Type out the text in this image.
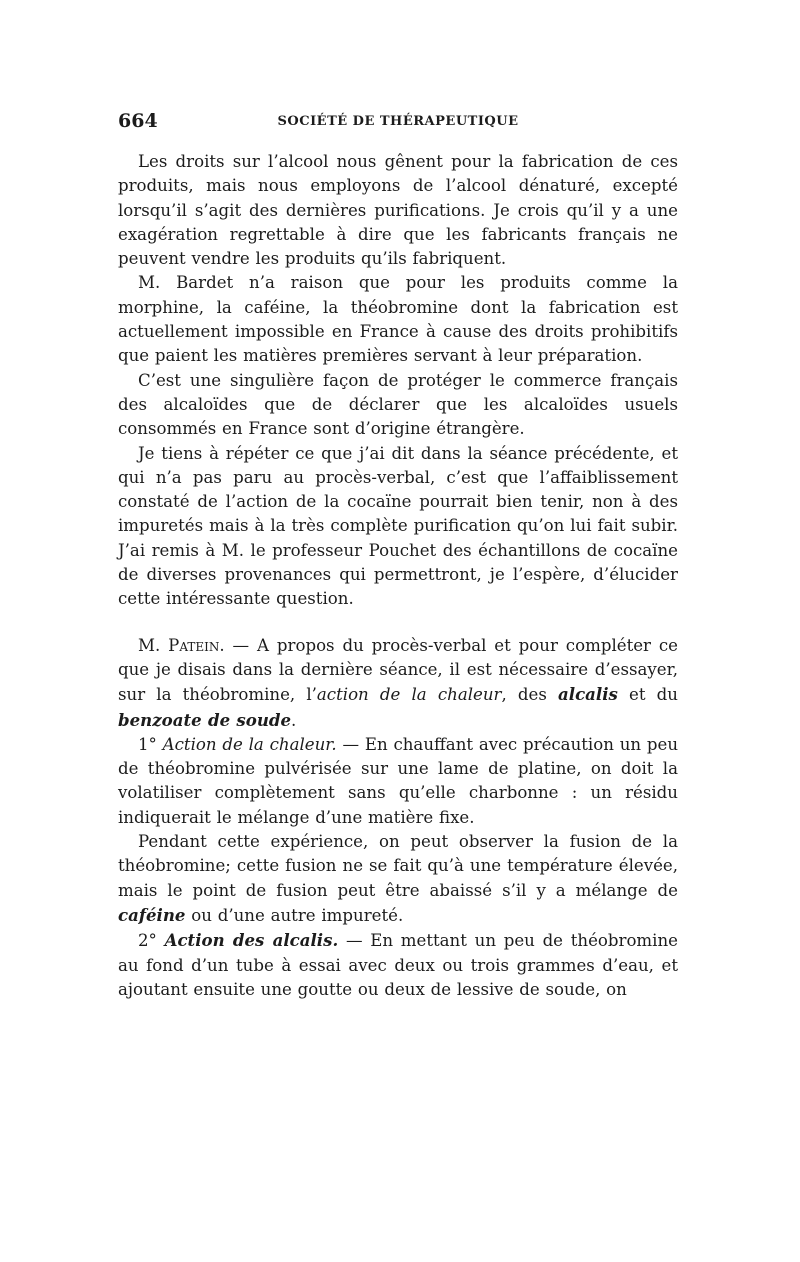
664	SOCIÉTÉ DE THÉRAPEUTIQUE

Les droits sur l’alcool nous gênent pour la fabrication de ces produits, mais nous employons de l’alcool dénaturé, excepté lorsqu’il s’agit des dernières purifications. Je crois qu’il y a une exagération regrettable à dire que les fabricants français ne peuvent vendre les produits qu’ils fabriquent.

M. Bardet n’a raison que pour les produits comme la morphine, la caféine, la théobromine dont la fabrication est actuellement impossible en France à cause des droits prohibitifs que paient les matières premières servant à leur préparation.

C’est une singulière façon de protéger le commerce français des alcaloïdes que de déclarer que les alcaloïdes usuels consommés en France sont d’origine étrangère.

Je tiens à répéter ce que j’ai dit dans la séance précédente, et qui n’a pas paru au procès-verbal, c’est que l’affaiblissement constaté de l’action de la cocaïne pourrait bien tenir, non à des impuretés mais à la très complète purification qu’on lui fait subir. J’ai remis à M. le professeur Pouchet des échantillons de cocaïne de diverses provenances qui permettront, je l’espère, d’élucider cette intéressante question.

M. Patein. — A propos du procès-verbal et pour compléter ce que je disais dans la dernière séance, il est nécessaire d’essayer, sur la théobromine, l’action de la chaleur, des alcalis et du benzoate de soude.

1° Action de la chaleur. — En chauffant avec précaution un peu de théobromine pulvérisée sur une lame de platine, on doit la volatiliser complètement sans qu’elle charbonne : un résidu indiquerait le mélange d’une matière fixe.

Pendant cette expérience, on peut observer la fusion de la théobromine; cette fusion ne se fait qu’à une température élevée, mais le point de fusion peut être abaissé s’il y a mélange de caféine ou d’une autre impureté.

2° Action des alcalis. — En mettant un peu de théobromine au fond d’un tube à essai avec deux ou trois grammes d’eau, et ajoutant ensuite une goutte ou deux de lessive de soude, on
